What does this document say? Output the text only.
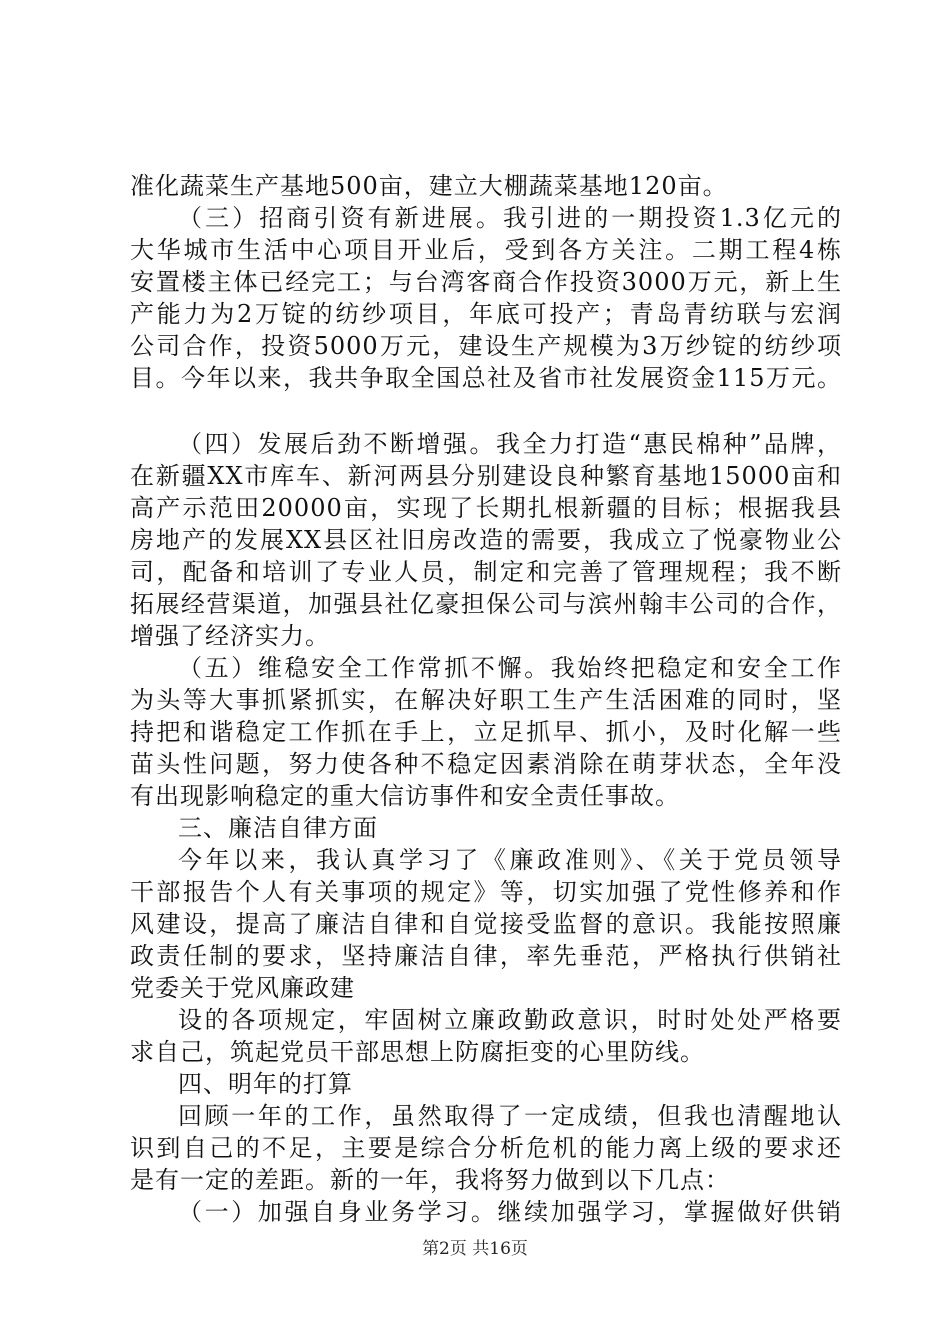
准化蔬菜生产基地500亩，建立大棚蔬菜基地120亩。
（三）招商引资有新进展。我引进的一期投资1.3亿元的
大华城市生活中心项目开业后，受到各方关注。二期工程4栋
安置楼主体已经完工；与台湾客商合作投资3000万元，新上生
产能力为2万锭的纺纱项目，年底可投产；青岛青纺联与宏润
公司合作，投资5000万元，建设生产规模为3万纱锭的纺纱项
目。今年以来，我共争取全国总社及省市社发展资金115万元。
（四）发展后劲不断增强。我全力打造“惠民棉种”品牌，
在新疆XX市库车、新河两县分别建设良种繁育基地15000亩和
高产示范田20000亩，实现了长期扎根新疆的目标；根据我县
房地产的发展XX县区社旧房改造的需要，我成立了悦豪物业公
司，配备和培训了专业人员，制定和完善了管理规程；我不断
拓展经营渠道，加强县社亿豪担保公司与滨州翰丰公司的合作，
增强了经济实力。
（五）维稳安全工作常抓不懈。我始终把稳定和安全工作
为头等大事抓紧抓实，在解决好职工生产生活困难的同时，坚
持把和谐稳定工作抓在手上，立足抓早、抓小，及时化解一些
苗头性问题，努力使各种不稳定因素消除在萌芽状态，全年没
有出现影响稳定的重大信访事件和安全责任事故。
三、廉洁自律方面
今年以来，我认真学习了《廉政准则》、《关于党员领导
干部报告个人有关事项的规定》等，切实加强了党性修养和作
风建设，提高了廉洁自律和自觉接受监督的意识。我能按照廉
政责任制的要求，坚持廉洁自律，率先垂范，严格执行供销社
党委关于党风廉政建
设的各项规定，牢固树立廉政勤政意识，时时处处严格要
求自己，筑起党员干部思想上防腐拒变的心里防线。
四、明年的打算
回顾一年的工作，虽然取得了一定成绩，但我也清醒地认
识到自己的不足，主要是综合分析危机的能力离上级的要求还
是有一定的差距。新的一年，我将努力做到以下几点：
（一）加强自身业务学习。继续加强学习，掌握做好供销
第2页 共16页
